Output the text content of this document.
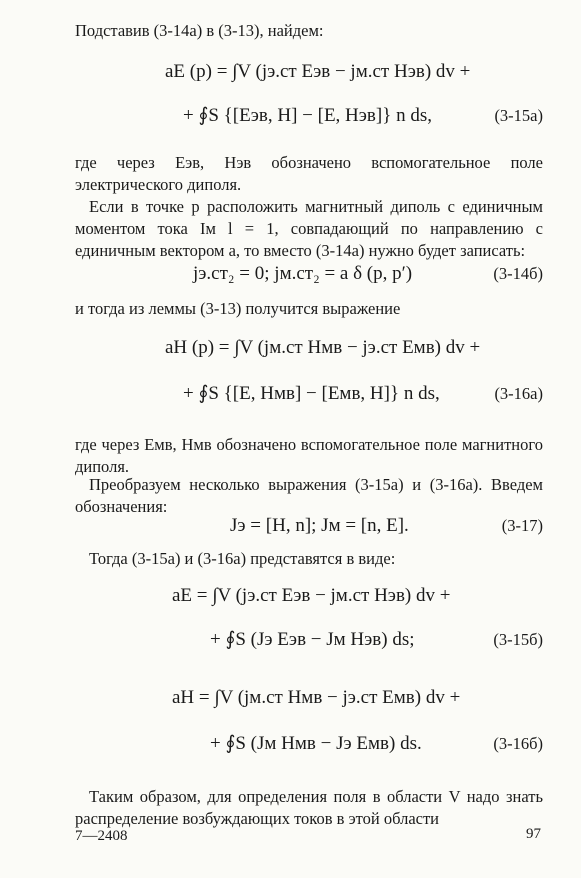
Подставив (3-14а) в (3-13), найдем:
aE (p) = ∫V (jэ.ст Eэв − jм.ст Hэв) dv +
+ ∮S {[Eэв, H] − [E, Hэв]} n ds,	(3-15а)
где через Eэв, Hэв обозначено вспомогательное поле электрического диполя.
Если в точке p расположить магнитный диполь с единичным моментом тока Iм l = 1, совпадающий по направлению с единичным вектором a, то вместо (3-14а) нужно будет записать:
jэ.ст₂ = 0; jм.ст₂ = a δ (p, p′)	(3-14б)
и тогда из леммы (3-13) получится выражение
aH (p) = ∫V (jм.ст Hмв − jэ.ст Eмв) dv +
+ ∮S {[E, Hмв] − [Eмв, H]} n ds,	(3-16а)
где через Eмв, Hмв обозначено вспомогательное поле магнитного диполя.
Преобразуем несколько выражения (3-15а) и (3-16а). Введем обозначения:
Jэ = [H, n]; Jм = [n, E].	(3-17)
Тогда (3-15а) и (3-16а) представятся в виде:
aE = ∫V (jэ.ст Eэв − jм.ст Hэв) dv +
+ ∮S (Jэ Eэв − Jм Hэв) ds;	(3-15б)
aH = ∫V (jм.ст Hмв − jэ.ст Eмв) dv +
+ ∮S (Jм Hмв − Jэ Eмв) ds.	(3-16б)
Таким образом, для определения поля в области V надо знать распределение возбуждающих токов в этой области
7—2408	97
